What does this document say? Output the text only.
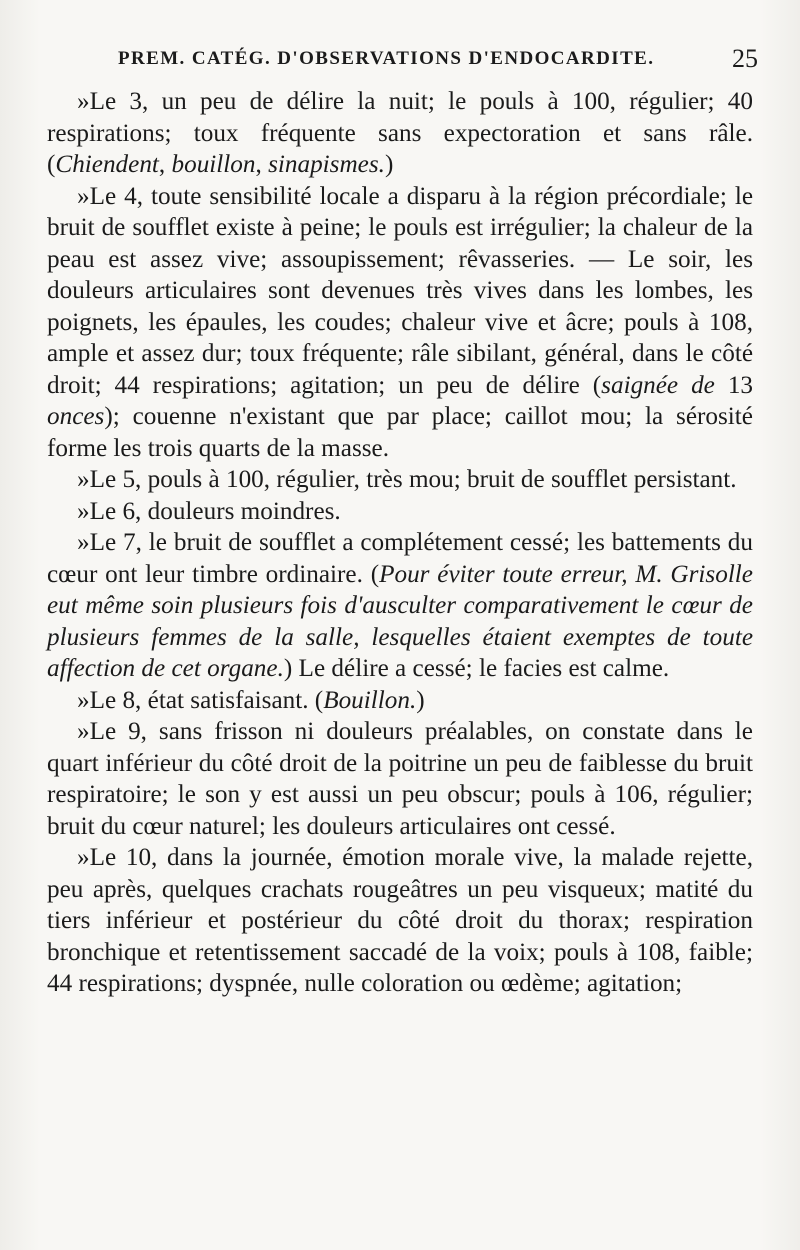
PREM. CATÉG. D'OBSERVATIONS D'ENDOCARDITE.	25

»Le 3, un peu de délire la nuit; le pouls à 100, régulier; 40 respirations; toux fréquente sans expectoration et sans râle. (Chiendent, bouillon, sinapismes.)

»Le 4, toute sensibilité locale a disparu à la région précordiale; le bruit de soufflet existe à peine; le pouls est irrégulier; la chaleur de la peau est assez vive; assoupissement; rêvasseries. — Le soir, les douleurs articulaires sont devenues très vives dans les lombes, les poignets, les épaules, les coudes; chaleur vive et âcre; pouls à 108, ample et assez dur; toux fréquente; râle sibilant, général, dans le côté droit; 44 respirations; agitation; un peu de délire (saignée de 13 onces); couenne n'existant que par place; caillot mou; la sérosité forme les trois quarts de la masse.

»Le 5, pouls à 100, régulier, très mou; bruit de soufflet persistant.

»Le 6, douleurs moindres.

»Le 7, le bruit de soufflet a complétement cessé; les battements du cœur ont leur timbre ordinaire. (Pour éviter toute erreur, M. Grisolle eut même soin plusieurs fois d'ausculter comparativement le cœur de plusieurs femmes de la salle, lesquelles étaient exemptes de toute affection de cet organe.) Le délire a cessé; le facies est calme.

»Le 8, état satisfaisant. (Bouillon.)

»Le 9, sans frisson ni douleurs préalables, on constate dans le quart inférieur du côté droit de la poitrine un peu de faiblesse du bruit respiratoire; le son y est aussi un peu obscur; pouls à 106, régulier; bruit du cœur naturel; les douleurs articulaires ont cessé.

»Le 10, dans la journée, émotion morale vive, la malade rejette, peu après, quelques crachats rougeâtres un peu visqueux; matité du tiers inférieur et postérieur du côté droit du thorax; respiration bronchique et retentissement saccadé de la voix; pouls à 108, faible; 44 respirations; dyspnée, nulle coloration ou œdème; agitation;
